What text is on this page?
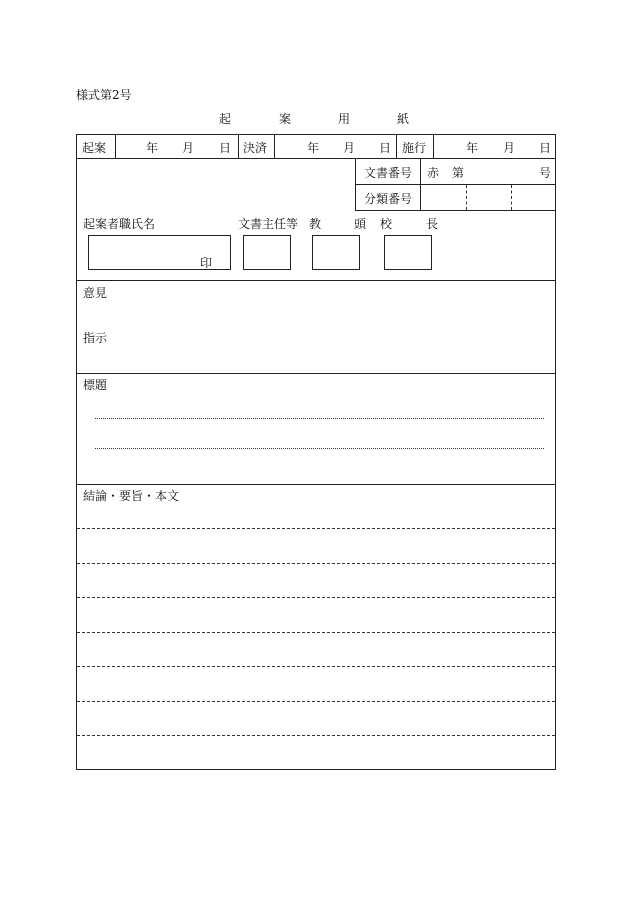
様式第2号
起	案	用	紙
起案	年 月 日 決済	年 月 日 施行	年 月 日
文書番号 赤 第	号
分類番号
起案者職氏名	文書主任等 教	頭 校	長
印
意見
指示
標題
結論・要旨・本文
